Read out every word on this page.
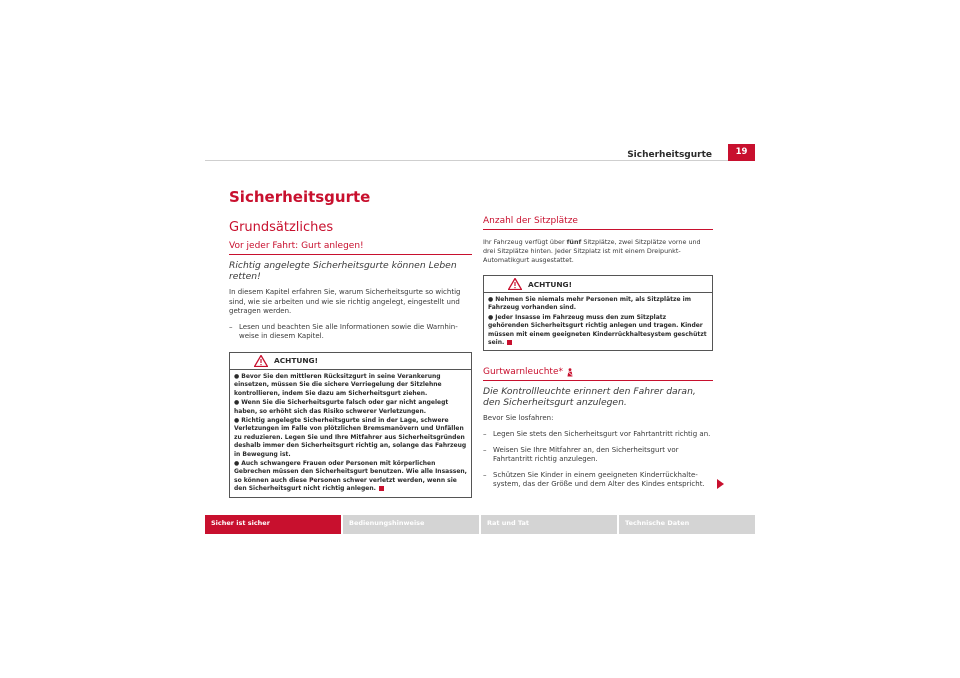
Sicherheitsgurte	19
Sicherheitsgurte
Grundsätzliches
Vor jeder Fahrt: Gurt anlegen!
Richtig angelegte Sicherheitsgurte können Leben retten!

In diesem Kapitel erfahren Sie, warum Sicherheitsgurte so wichtig sind, wie sie arbeiten und wie sie richtig angelegt, eingestellt und getragen werden.

– Lesen und beachten Sie alle Informationen sowie die Warnhinweise in diesem Kapitel.
ACHTUNG!
● Bevor Sie den mittleren Rücksitzgurt in seine Verankerung einsetzen, müssen Sie die sichere Verriegelung der Sitzlehne kontrollieren, indem Sie dazu am Sicherheitsgurt ziehen.
● Wenn Sie die Sicherheitsgurte falsch oder gar nicht angelegt haben, so erhöht sich das Risiko schwerer Verletzungen.
● Richtig angelegte Sicherheitsgurte sind in der Lage, schwere Verletzungen im Falle von plötzlichen Bremsmanövern und Unfällen zu reduzieren. Legen Sie und Ihre Mitfahrer aus Sicherheitsgründen deshalb immer den Sicherheitsgurt richtig an, solange das Fahrzeug in Bewegung ist.
● Auch schwangere Frauen oder Personen mit körperlichen Gebrechen müssen den Sicherheitsgurt benutzen. Wie alle Insassen, so können auch diese Personen schwer verletzt werden, wenn sie den Sicherheitsgurt nicht richtig anlegen.
Anzahl der Sitzplätze

Ihr Fahrzeug verfügt über fünf Sitzplätze, zwei Sitzplätze vorne und drei Sitzplätze hinten. Jeder Sitzplatz ist mit einem Dreipunkt-Automatikgurt ausgestattet.

ACHTUNG!
● Nehmen Sie niemals mehr Personen mit, als Sitzplätze im Fahrzeug vorhanden sind.
● Jeder Insasse im Fahrzeug muss den zum Sitzplatz gehörenden Sicherheitsgurt richtig anlegen und tragen. Kinder müssen mit einem geeigneten Kinderrückhaltesystem geschützt sein.
Gurtwarnleuchte*
Die Kontrollleuchte erinnert den Fahrer daran, den Sicherheitsgurt anzulegen.

Bevor Sie losfahren:

– Legen Sie stets den Sicherheitsgurt vor Fahrtantritt richtig an.
– Weisen Sie Ihre Mitfahrer an, den Sicherheitsgurt vor Fahrtantritt richtig anzulegen.
– Schützen Sie Kinder in einem geeigneten Kinderrückhaltesystem, das der Größe und dem Alter des Kindes entspricht.
Sicher ist sicher	Bedienungshinweise	Rat und Tat	Technische Daten
